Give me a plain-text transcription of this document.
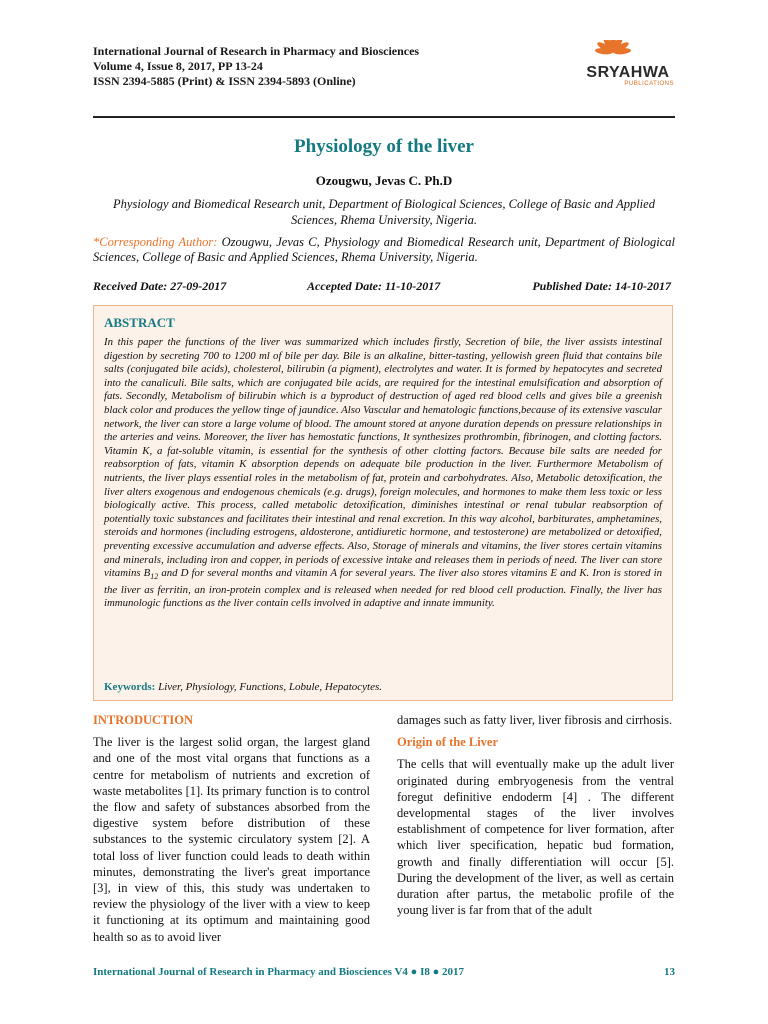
International Journal of Research in Pharmacy and Biosciences
Volume 4, Issue 8, 2017, PP 13-24
ISSN 2394-5885 (Print) & ISSN 2394-5893 (Online)	SRYAHWA
PUBLICATIONS
Physiology of the liver
Ozougwu, Jevas C. Ph.D
Physiology and Biomedical Research unit, Department of Biological Sciences, College of Basic and Applied Sciences, Rhema University, Nigeria.
*Corresponding Author: Ozougwu, Jevas C, Physiology and Biomedical Research unit, Department of Biological Sciences, College of Basic and Applied Sciences, Rhema University, Nigeria.
Received Date: 27-09-2017	Accepted Date: 11-10-2017	Published Date: 14-10-2017
ABSTRACT
In this paper the functions of the liver was summarized which includes firstly, Secretion of bile, the liver assists intestinal digestion by secreting 700 to 1200 ml of bile per day. Bile is an alkaline, bitter-tasting, yellowish green fluid that contains bile salts (conjugated bile acids), cholesterol, bilirubin (a pigment), electrolytes and water. It is formed by hepatocytes and secreted into the canaliculi. Bile salts, which are conjugated bile acids, are required for the intestinal emulsification and absorption of fats. Secondly, Metabolism of bilirubin which is a byproduct of destruction of aged red blood cells and gives bile a greenish black color and produces the yellow tinge of jaundice. Also Vascular and hematologic functions,because of its extensive vascular network, the liver can store a large volume of blood. The amount stored at anyone duration depends on pressure relationships in the arteries and veins. Moreover, the liver has hemostatic functions, It synthesizes prothrombin, fibrinogen, and clotting factors. Vitamin K, a fat-soluble vitamin, is essential for the synthesis of other clotting factors. Because bile salts are needed for reabsorption of fats, vitamin K absorption depends on adequate bile production in the liver. Furthermore Metabolism of nutrients, the liver plays essential roles in the metabolism of fat, protein and carbohydrates. Also, Metabolic detoxification, the liver alters exogenous and endogenous chemicals (e.g. drugs), foreign molecules, and hormones to make them less toxic or less biologically active. This process, called metabolic detoxification, diminishes intestinal or renal tubular reabsorption of potentially toxic substances and facilitates their intestinal and renal excretion. In this way alcohol, barbiturates, amphetamines, steroids and hormones (including estrogens, aldosterone, antidiuretic hormone, and testosterone) are metabolized or detoxified, preventing excessive accumulation and adverse effects. Also, Storage of minerals and vitamins, the liver stores certain vitamins and minerals, including iron and copper, in periods of excessive intake and releases them in periods of need. The liver can store vitamins $B_{12}$ and D for several months and vitamin A for several years. The liver also stores vitamins E and K. Iron is stored in the liver as ferritin, an iron-protein complex and is released when needed for red blood cell production. Finally, the liver has immunologic functions as the liver contain cells involved in adaptive and innate immunity.
Keywords: Liver, Physiology, Functions, Lobule, Hepatocytes.
INTRODUCTION

The liver is the largest solid organ, the largest gland and one of the most vital organs that functions as a centre for metabolism of nutrients and excretion of waste metabolites [1]. Its primary function is to control the flow and safety of substances absorbed from the digestive system before distribution of these substances to the systemic circulatory system [2]. A total loss of liver function could leads to death within minutes, demonstrating the liver's great importance [3], in view of this, this study was undertaken to review the physiology of the liver with a view to keep it functioning at its optimum and maintaining good health so as to avoid liver

damages such as fatty liver, liver fibrosis and cirrhosis.

Origin of the Liver

The cells that will eventually make up the adult liver originated during embryogenesis from the ventral foregut definitive endoderm [4] . The different developmental stages of the liver involves establishment of competence for liver formation, after which liver specification, hepatic bud formation, growth and finally differentiation will occur [5]. During the development of the liver, as well as certain duration after partus, the metabolic profile of the young liver is far from that of the adult

International Journal of Research in Pharmacy and Biosciences V4 ● I8 ● 2017	13
